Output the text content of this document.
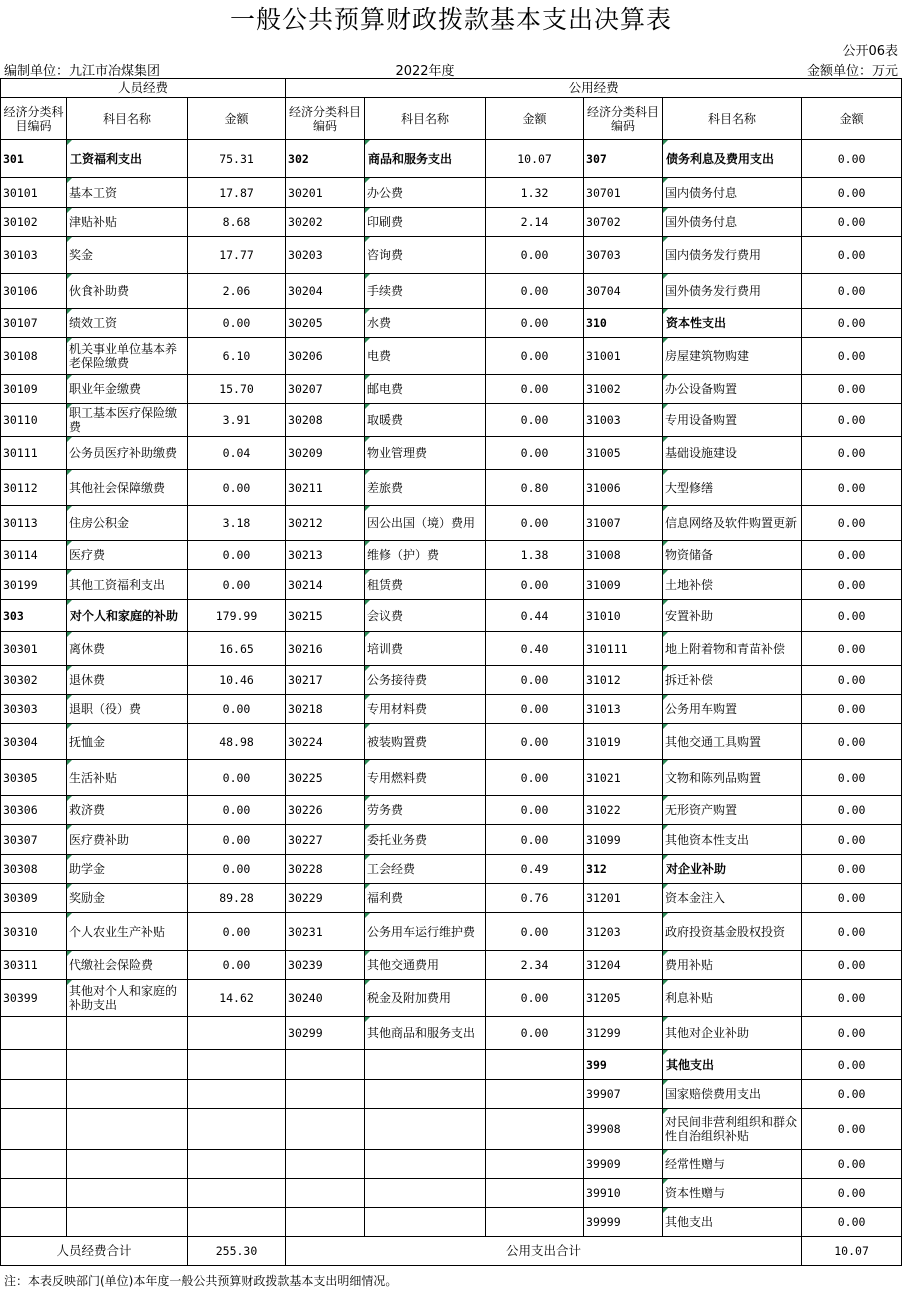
一般公共预算财政拨款基本支出决算表
公开06表
编制单位：九江市冶煤集团	2022年度	金额单位：万元
人员经费			公用经费					
经济分类科目编码	科目名称	金额	经济分类科目编码	科目名称	金额	经济分类科目编码	科目名称	金额
301	工资福利支出	75.31	302	商品和服务支出	10.07	307	债务利息及费用支出	0.00
30101	基本工资	17.87	30201	办公费	1.32	30701	国内债务付息	0.00
30102	津贴补贴	8.68	30202	印刷费	2.14	30702	国外债务付息	0.00
30103	奖金	17.77	30203	咨询费	0.00	30703	国内债务发行费用	0.00
30106	伙食补助费	2.06	30204	手续费	0.00	30704	国外债务发行费用	0.00
30107	绩效工资	0.00	30205	水费	0.00	310	资本性支出	0.00
30108	机关事业单位基本养老保险缴费	6.10	30206	电费	0.00	31001	房屋建筑物购建	0.00
30109	职业年金缴费	15.70	30207	邮电费	0.00	31002	办公设备购置	0.00
30110	职工基本医疗保险缴费	3.91	30208	取暖费	0.00	31003	专用设备购置	0.00
30111	公务员医疗补助缴费	0.04	30209	物业管理费	0.00	31005	基础设施建设	0.00
30112	其他社会保障缴费	0.00	30211	差旅费	0.80	31006	大型修缮	0.00
30113	住房公积金	3.18	30212	因公出国（境）费用	0.00	31007	信息网络及软件购置更新	0.00
30114	医疗费	0.00	30213	维修（护）费	1.38	31008	物资储备	0.00
30199	其他工资福利支出	0.00	30214	租赁费	0.00	31009	土地补偿	0.00
303	对个人和家庭的补助	179.99	30215	会议费	0.44	31010	安置补助	0.00
30301	离休费	16.65	30216	培训费	0.40	310111	地上附着物和青苗补偿	0.00
30302	退休费	10.46	30217	公务接待费	0.00	31012	拆迁补偿	0.00
30303	退职（役）费	0.00	30218	专用材料费	0.00	31013	公务用车购置	0.00
30304	抚恤金	48.98	30224	被装购置费	0.00	31019	其他交通工具购置	0.00
30305	生活补贴	0.00	30225	专用燃料费	0.00	31021	文物和陈列品购置	0.00
30306	救济费	0.00	30226	劳务费	0.00	31022	无形资产购置	0.00
30307	医疗费补助	0.00	30227	委托业务费	0.00	31099	其他资本性支出	0.00
30308	助学金	0.00	30228	工会经费	0.49	312	对企业补助	0.00
30309	奖励金	89.28	30229	福利费	0.76	31201	资本金注入	0.00
30310	个人农业生产补贴	0.00	30231	公务用车运行维护费	0.00	31203	政府投资基金股权投资	0.00
30311	代缴社会保险费	0.00	30239	其他交通费用	2.34	31204	费用补贴	0.00
30399	其他对个人和家庭的补助支出	14.62	30240	税金及附加费用	0.00	31205	利息补贴	0.00
			30299	其他商品和服务支出	0.00	31299	其他对企业补助	0.00
						399	其他支出	0.00
						39907	国家赔偿费用支出	0.00
						39908	对民间非营利组织和群众性自治组织补贴	0.00
						39909	经常性赠与	0.00
						39910	资本性赠与	0.00
						39999	其他支出	0.00
人员经费合计		255.30	公用支出合计					10.07
注：本表反映部门(单位)本年度一般公共预算财政拨款基本支出明细情况。
